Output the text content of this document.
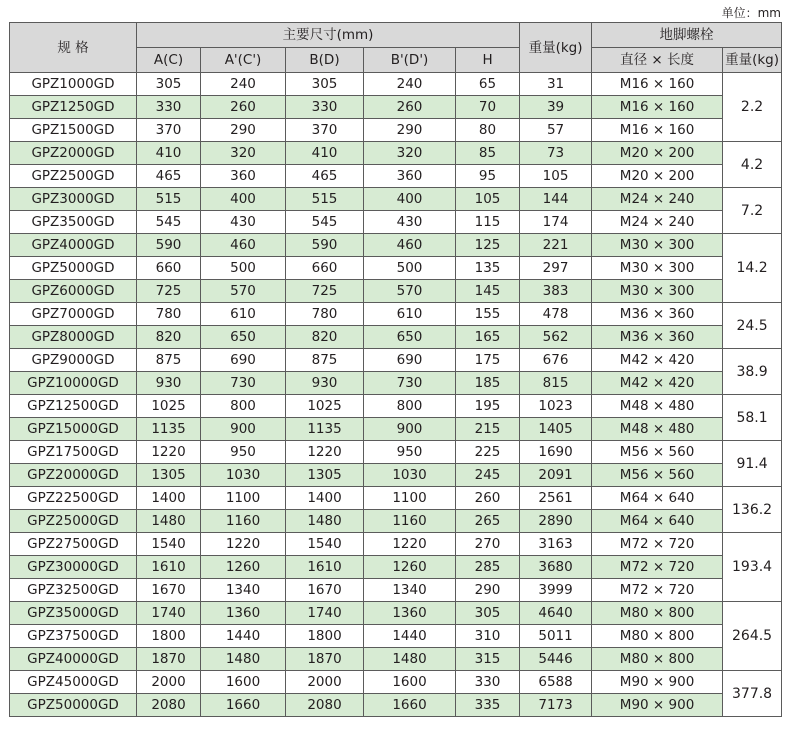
单位：mm
规 格	主要尺寸(mm)					重量(kg)	地脚螺栓	
	A(C)	A'(C')	B(D)	B'(D')	H		直径 × 长度	重量(kg)
GPZ1000GD	305	240	305	240	65	31	M16 × 160	2.2
GPZ1250GD	330	260	330	260	70	39	M16 × 160	
GPZ1500GD	370	290	370	290	80	57	M16 × 160	
GPZ2000GD	410	320	410	320	85	73	M20 × 200	4.2
GPZ2500GD	465	360	465	360	95	105	M20 × 200	
GPZ3000GD	515	400	515	400	105	144	M24 × 240	7.2
GPZ3500GD	545	430	545	430	115	174	M24 × 240	
GPZ4000GD	590	460	590	460	125	221	M30 × 300	14.2
GPZ5000GD	660	500	660	500	135	297	M30 × 300	
GPZ6000GD	725	570	725	570	145	383	M30 × 300	
GPZ7000GD	780	610	780	610	155	478	M36 × 360	24.5
GPZ8000GD	820	650	820	650	165	562	M36 × 360	
GPZ9000GD	875	690	875	690	175	676	M42 × 420	38.9
GPZ10000GD	930	730	930	730	185	815	M42 × 420	
GPZ12500GD	1025	800	1025	800	195	1023	M48 × 480	58.1
GPZ15000GD	1135	900	1135	900	215	1405	M48 × 480	
GPZ17500GD	1220	950	1220	950	225	1690	M56 × 560	91.4
GPZ20000GD	1305	1030	1305	1030	245	2091	M56 × 560	
GPZ22500GD	1400	1100	1400	1100	260	2561	M64 × 640	136.2
GPZ25000GD	1480	1160	1480	1160	265	2890	M64 × 640	
GPZ27500GD	1540	1220	1540	1220	270	3163	M72 × 720	193.4
GPZ30000GD	1610	1260	1610	1260	285	3680	M72 × 720	
GPZ32500GD	1670	1340	1670	1340	290	3999	M72 × 720	
GPZ35000GD	1740	1360	1740	1360	305	4640	M80 × 800	264.5
GPZ37500GD	1800	1440	1800	1440	310	5011	M80 × 800	
GPZ40000GD	1870	1480	1870	1480	315	5446	M80 × 800	
GPZ45000GD	2000	1600	2000	1600	330	6588	M90 × 900	377.8
GPZ50000GD	2080	1660	2080	1660	335	7173	M90 × 900	
